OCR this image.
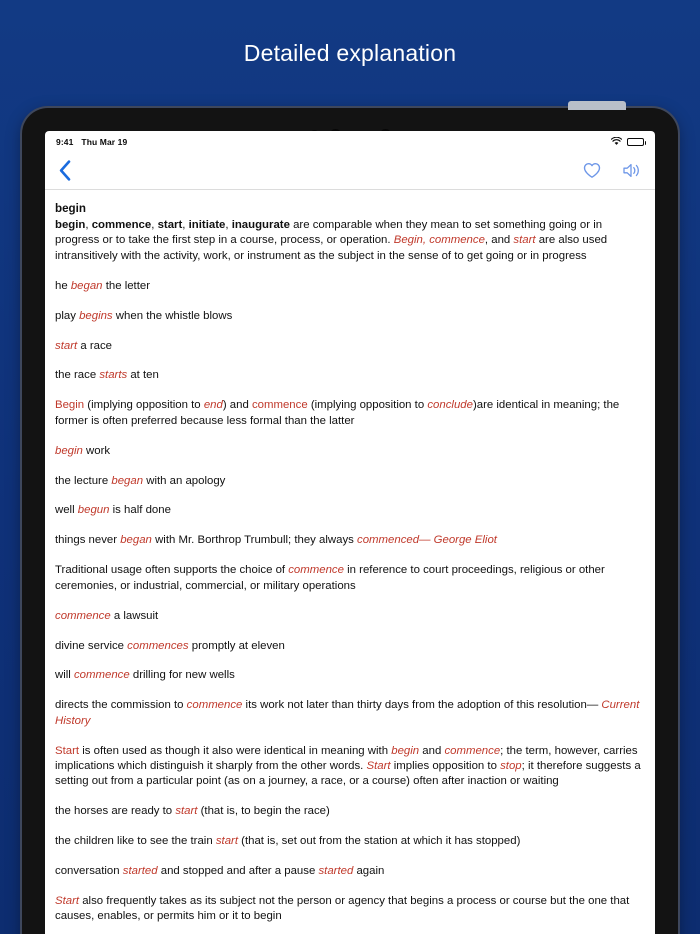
Detailed explanation
9:41 Thu Mar 19
begin
begin, commence, start, initiate, inaugurate are comparable when they mean to set something going or in progress or to take the first step in a course, process, or operation. Begin, commence, and start are also used intransitively with the activity, work, or instrument as the subject in the sense of to get going or in progress
he began the letter
play begins when the whistle blows
start a race
the race starts at ten
Begin (implying opposition to end) and commence (implying opposition to conclude)are identical in meaning; the former is often preferred because less formal than the latter
begin work
the lecture began with an apology
well begun is half done
things never began with Mr. Borthrop Trumbull; they always commenced— George Eliot
Traditional usage often supports the choice of commence in reference to court proceedings, religious or other ceremonies, or industrial, commercial, or military operations
commence a lawsuit
divine service commences promptly at eleven
will commence drilling for new wells
directs the commission to commence its work not later than thirty days from the adoption of this resolution— Current History
Start is often used as though it also were identical in meaning with begin and commence; the term, however, carries implications which distinguish it sharply from the other words. Start implies opposition to stop; it therefore suggests a setting out from a particular point (as on a journey, a race, or a course) often after inaction or waiting
the horses are ready to start (that is, to begin the race)
the children like to see the train start (that is, set out from the station at which it has stopped)
conversation started and stopped and after a pause started again
Start also frequently takes as its subject not the person or agency that begins a process or course but the one that causes, enables, or permits him or it to begin
